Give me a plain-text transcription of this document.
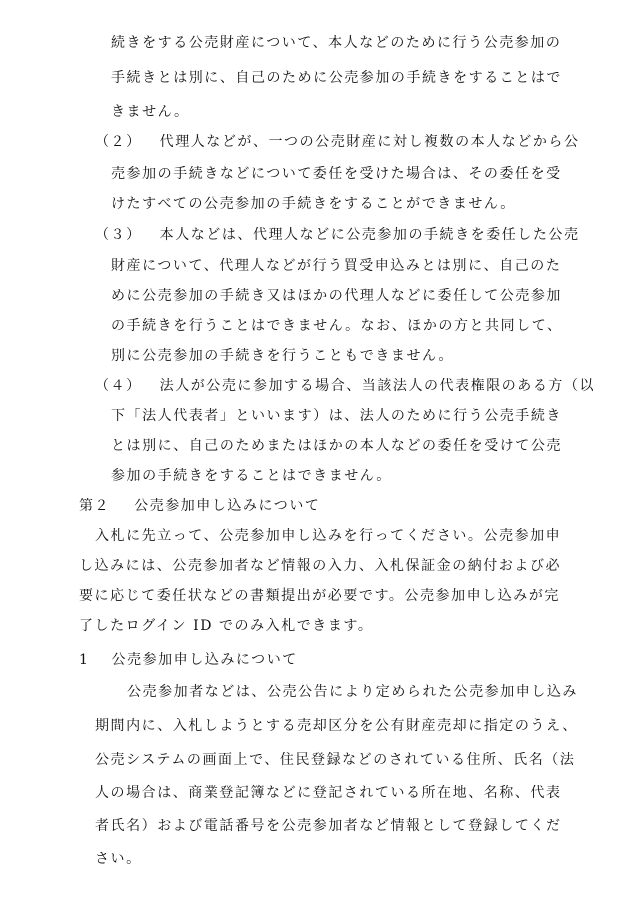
続きをする公売財産について、本人などのために行う公売参加の
手続きとは別に、自己のために公売参加の手続きをすることはで
きません。
（２） 代理人などが、一つの公売財産に対し複数の本人などから公
売参加の手続きなどについて委任を受けた場合は、その委任を受
けたすべての公売参加の手続きをすることができません。
（３） 本人などは、代理人などに公売参加の手続きを委任した公売
財産について、代理人などが行う買受申込みとは別に、自己のた
めに公売参加の手続き又はほかの代理人などに委任して公売参加
の手続きを行うことはできません。なお、ほかの方と共同して、
別に公売参加の手続きを行うこともできません。
（４） 法人が公売に参加する場合、当該法人の代表権限のある方（以
下「法人代表者」といいます）は、法人のために行う公売手続き
とは別に、自己のためまたはほかの本人などの委任を受けて公売
参加の手続きをすることはできません。
第２ 公売参加申し込みについて
入札に先立って、公売参加申し込みを行ってください。公売参加申
し込みには、公売参加者など情報の入力、入札保証金の納付および必
要に応じて委任状などの書類提出が必要です。公売参加申し込みが完
了したログイン ID でのみ入札できます。
1 公売参加申し込みについて
公売参加者などは、公売公告により定められた公売参加申し込み
期間内に、入札しようとする売却区分を公有財産売却に指定のうえ、
公売システムの画面上で、住民登録などのされている住所、氏名（法
人の場合は、商業登記簿などに登記されている所在地、名称、代表
者氏名）および電話番号を公売参加者など情報として登録してくだ
さい。
